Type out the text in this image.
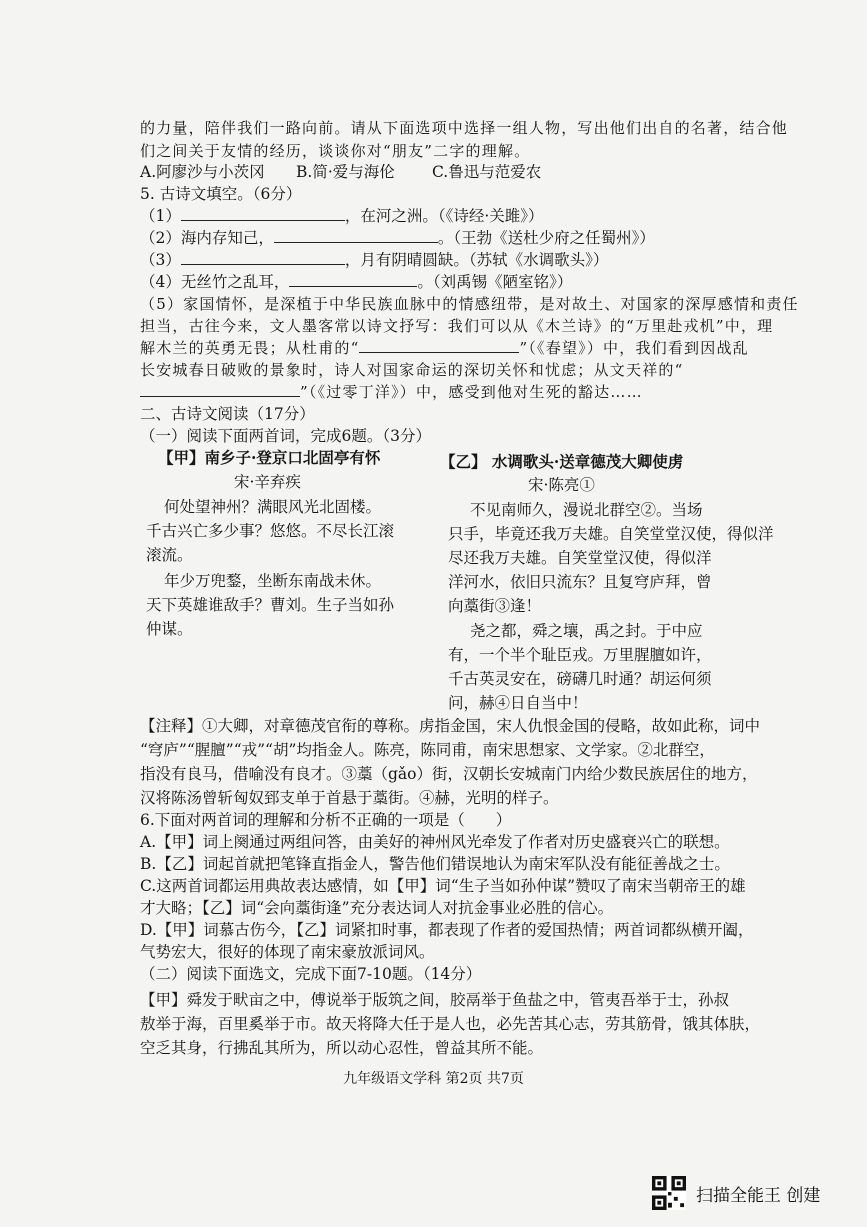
的力量，陪伴我们一路向前。请从下面选项中选择一组人物，写出他们出自的名著，结合他
们之间关于友情的经历，谈谈你对“朋友”二字的理解。
A.阿廖沙与小茨冈 B.简·爱与海伦 C.鲁迅与范爱农
5. 古诗文填空。（6分）
（1）	，在河之洲。（《诗经·关雎》）
（2）海内存知己，	。（王勃《送杜少府之任蜀州》）
（3）	，月有阴晴圆缺。（苏轼《水调歌头》）
（4）无丝竹之乱耳，	。（刘禹锡《陋室铭》）
（5）家国情怀，是深植于中华民族血脉中的情感纽带，是对故土、对国家的深厚感情和责任
担当，古往今来，文人墨客常以诗文抒写：我们可以从《木兰诗》的“万里赴戎机”中，理
解木兰的英勇无畏；从杜甫的“	”（《春望》）中，我们看到因战乱
长安城春日破败的景象时，诗人对国家命运的深切关怀和忧虑；从文天祥的“
”（《过零丁洋》）中，感受到他对生死的豁达……
二、古诗文阅读（17分）
（一）阅读下面两首词，完成6题。（3分）
【甲】南乡子·登京口北固亭有怀
宋·辛弃疾
何处望神州？满眼风光北固楼。
千古兴亡多少事？悠悠。不尽长江滚
滚流。
年少万兜鍪，坐断东南战未休。
天下英雄谁敌手？曹刘。生子当如孙
仲谋。
【乙】 水调歌头·送章德茂大卿使虏
宋·陈亮①
不见南师久，漫说北群空②。当场
只手，毕竟还我万夫雄。自笑堂堂汉使，得似洋
尽还我万夫雄。自笑堂堂汉使，得似洋
洋河水，依旧只流东？且复穹庐拜，曾
向藁街③逢！
尧之都，舜之壤，禹之封。于中应
有，一个半个耻臣戎。万里腥膻如许，
千古英灵安在，磅礴几时通？胡运何须
问，赫④日自当中！
【注释】①大卿，对章德茂官衔的尊称。虏指金国，宋人仇恨金国的侵略，故如此称，词中
“穹庐”“腥膻”“戎”“胡”均指金人。陈亮，陈同甫，南宋思想家、文学家。②北群空，
指没有良马，借喻没有良才。③藁（gǎo）街，汉朝长安城南门内给少数民族居住的地方，
汉将陈汤曾斩匈奴郅支单于首悬于藁街。④赫，光明的样子。
6.下面对两首词的理解和分析不正确的一项是（　　）
A.【甲】词上阕通过两组问答，由美好的神州风光牵发了作者对历史盛衰兴亡的联想。
B.【乙】词起首就把笔锋直指金人，警告他们错误地认为南宋军队没有能征善战之士。
C.这两首词都运用典故表达感情，如【甲】词“生子当如孙仲谋”赞叹了南宋当朝帝王的雄
才大略；【乙】词“会向藁街逢”充分表达词人对抗金事业必胜的信心。
D.【甲】词慕古伤今，【乙】词紧扣时事，都表现了作者的爱国热情；两首词都纵横开阖，
气势宏大，很好的体现了南宋豪放派词风。
（二）阅读下面选文，完成下面7-10题。（14分）
【甲】舜发于畎亩之中，傅说举于版筑之间，胶鬲举于鱼盐之中，管夷吾举于士，孙叔
敖举于海，百里奚举于市。故天将降大任于是人也，必先苦其心志，劳其筋骨，饿其体肤，
空乏其身，行拂乱其所为，所以动心忍性，曾益其所不能。
九年级语文学科 第2页 共7页
扫描全能王 创建
